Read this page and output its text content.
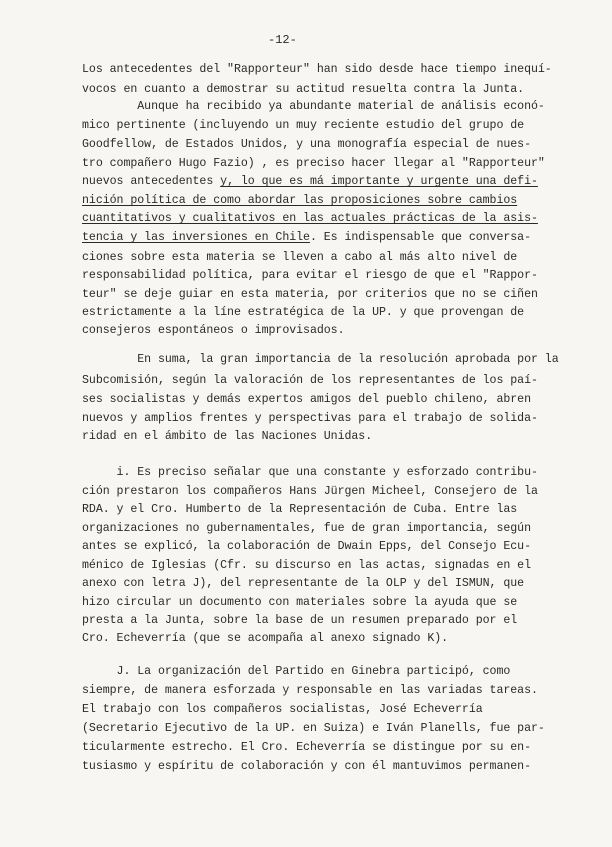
-12-
Los antecedentes del "Rapporteur" han sido desde hace tiempo inequí-
vocos en cuanto a demostrar su actitud resuelta contra la Junta.
Aunque ha recibido ya abundante material de análisis econó-
mico pertinente (incluyendo un muy reciente estudio del grupo de
Goodfellow, de Estados Unidos, y una monografía especial de nues-
tro compañero Hugo Fazio) , es preciso hacer llegar al "Rapporteur"
nuevos antecedentes y, lo que es má importante y urgente una defi-
nición política de como abordar las proposiciones sobre cambios
cuantitativos y cualitativos en las actuales prácticas de la asis-
tencia y las inversiones en Chile. Es indispensable que conversa-
ciones sobre esta materia se lleven a cabo al más alto nivel de
responsabilidad política, para evitar el riesgo de que el "Rappor-
teur" se deje guiar en esta materia, por criterios que no se ciñen
estrictamente a la líne estratégica de la UP. y que provengan de
consejeros espontáneos o improvisados.
En suma, la gran importancia de la resolución aprobada por la
Subcomisión, según la valoración de los representantes de los paí-
ses socialistas y demás expertos amigos del pueblo chileno, abren
nuevos y amplios frentes y perspectivas para el trabajo de solida-
ridad en el ámbito de las Naciones Unidas.
i. Es preciso señalar que una constante y esforzado contribu-
ción prestaron los compañeros Hans Jürgen Micheel, Consejero de la
RDA. y el Cro. Humberto de la Representación de Cuba. Entre las
organizaciones no gubernamentales, fue de gran importancia, según
antes se explicó, la colaboración de Dwain Epps, del Consejo Ecu-
ménico de Iglesias (Cfr. su discurso en las actas, signadas en el
anexo con letra J), del representante de la OLP y del ISMUN, que
hizo circular un documento con materiales sobre la ayuda que se
presta a la Junta, sobre la base de un resumen preparado por el
Cro. Echeverría (que se acompaña al anexo signado K).
J. La organización del Partido en Ginebra participó, como
siempre, de manera esforzada y responsable en las variadas tareas.
El trabajo con los compañeros socialistas, José Echeverría
(Secretario Ejecutivo de la UP. en Suiza) e Iván Planells, fue par-
ticularmente estrecho. El Cro. Echeverría se distingue por su en-
tusiasmo y espíritu de colaboración y con él mantuvimos permanen-
